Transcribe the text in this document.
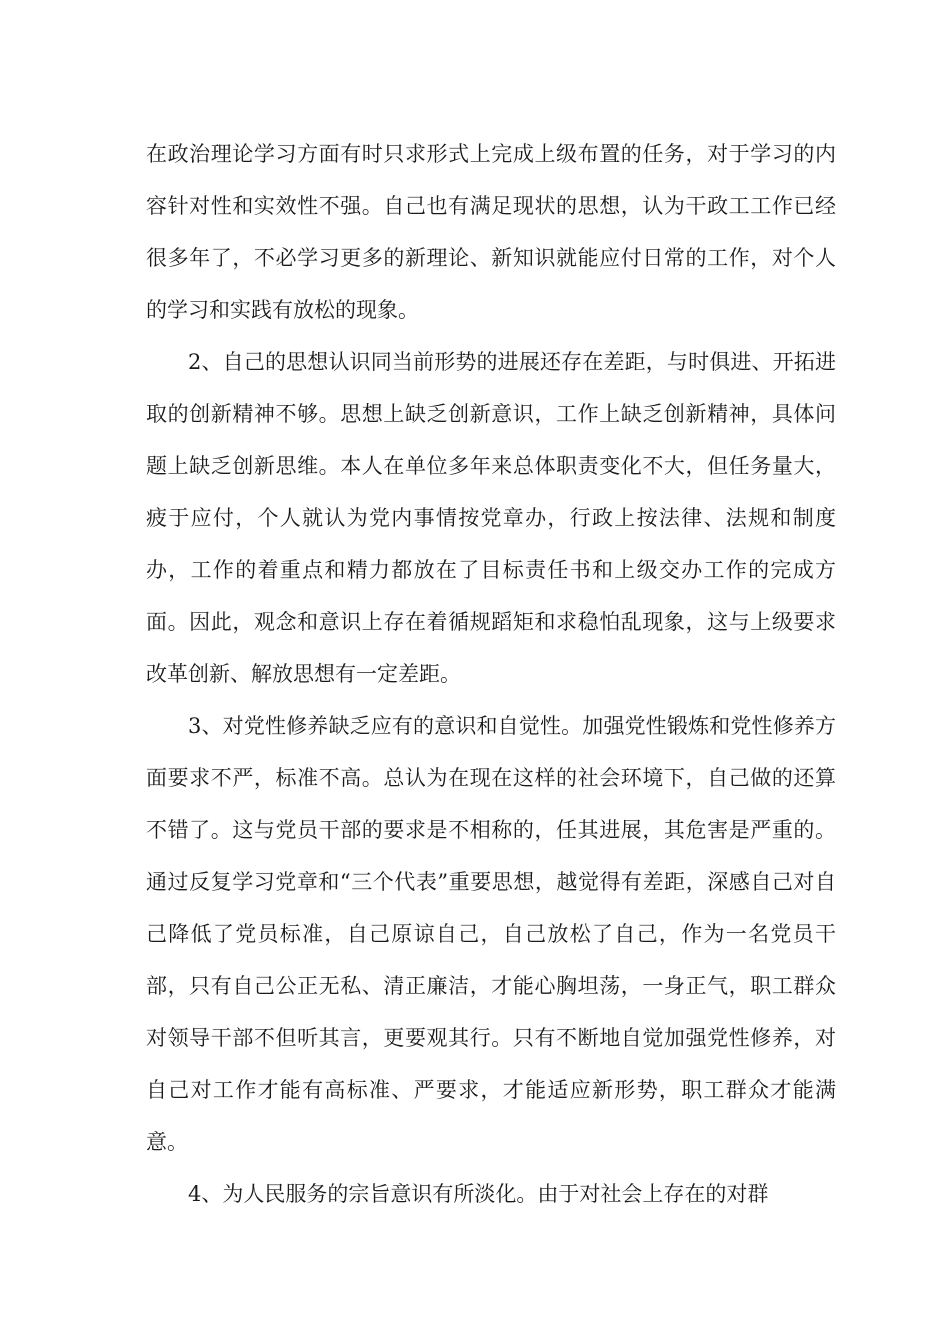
在政治理论学习方面有时只求形式上完成上级布置的任务，对于学习的内容针对性和实效性不强。自己也有满足现状的思想，认为干政工工作已经很多年了，不必学习更多的新理论、新知识就能应付日常的工作，对个人的学习和实践有放松的现象。

2、自己的思想认识同当前形势的进展还存在差距，与时俱进、开拓进取的创新精神不够。思想上缺乏创新意识，工作上缺乏创新精神，具体问题上缺乏创新思维。本人在单位多年来总体职责变化不大，但任务量大，疲于应付，个人就认为党内事情按党章办，行政上按法律、法规和制度办，工作的着重点和精力都放在了目标责任书和上级交办工作的完成方面。因此，观念和意识上存在着循规蹈矩和求稳怕乱现象，这与上级要求改革创新、解放思想有一定差距。

3、对党性修养缺乏应有的意识和自觉性。加强党性锻炼和党性修养方面要求不严，标准不高。总认为在现在这样的社会环境下，自己做的还算不错了。这与党员干部的要求是不相称的，任其进展，其危害是严重的。通过反复学习党章和“三个代表”重要思想，越觉得有差距，深感自己对自己降低了党员标准，自己原谅自己，自己放松了自己，作为一名党员干部，只有自己公正无私、清正廉洁，才能心胸坦荡，一身正气，职工群众对领导干部不但听其言，更要观其行。只有不断地自觉加强党性修养，对自己对工作才能有高标准、严要求，才能适应新形势，职工群众才能满意。

4、为人民服务的宗旨意识有所淡化。由于对社会上存在的对群
